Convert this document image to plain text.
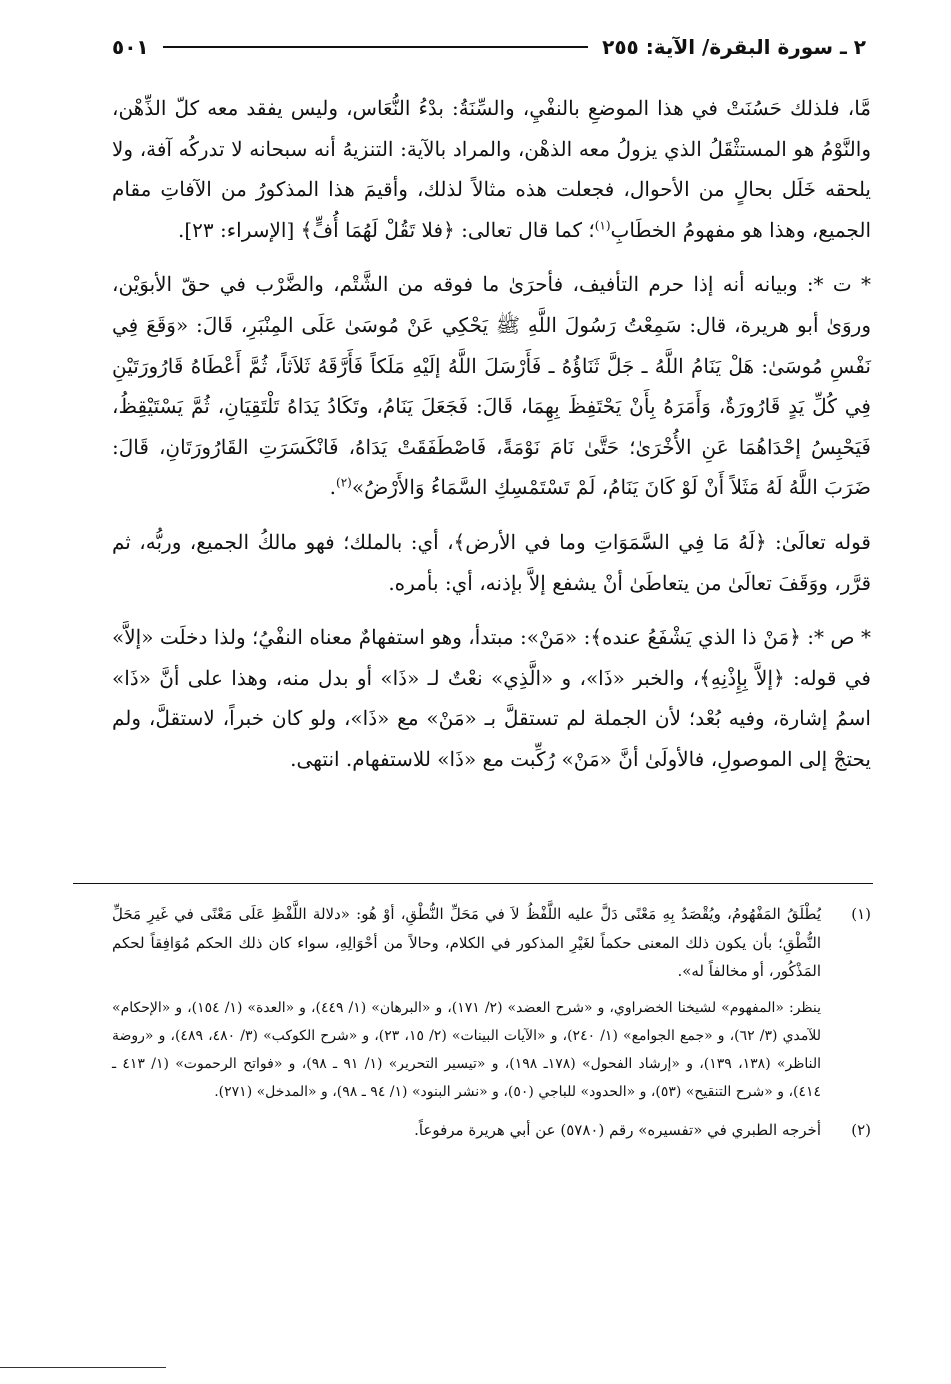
٢ ـ سورة البقرة/ الآية: ٢٥٥
٥٠١

مَّا، فلذلك حَسُنَتْ في هذا الموضعِ بالنفْيِ، والسِّنَةُ: بدْءُ النُّعَاس، وليس يفقد معه كلّ الذِّهْن، والنَّوْمُ هو المستثْقَلُ الذي يزولُ معه الذهْن، والمراد بالآية: التنزيهُ أنه سبحانه لا تدركُه آفة، ولا يلحقه خَلَل بحالٍ من الأحوال، فجعلت هذه مثالاً لذلك، وأقيمَ هذا المذكورُ من الآفاتِ مقام الجميع، وهذا هو مفهومُ الخطَابِ$^{(١)}$؛ كما قال تعالى: ﴿فلا تَقُلْ لَهُمَا أُفٍّ﴾ [الإسراء: ٢٣].

* ت *: وبيانه أنه إذا حرم التأفيف، فأحرَىٰ ما فوقه من الشَّتْم، والضَّرْب في حقّ الأبوَيْن، وروَىٰ أبو هريرة، قال: سَمِعْتُ رَسُولَ اللَّهِ ﷺ يَحْكِي عَنْ مُوسَىٰ عَلَى المِنْبَرِ، قَالَ: «وَقَعَ فِي نَفْسِ مُوسَىٰ: هَلْ يَنَامُ اللَّهُ ـ جَلَّ ثَنَاؤُهُ ـ فَأَرْسَلَ اللَّهُ إلَيْهِ مَلَكاً فَأَرَّقَهُ ثَلاَثاً، ثُمَّ أَعْطَاهُ قَارُورَتَيْنِ فِي كُلِّ يَدٍ قَارُورَةٌ، وَأَمَرَهُ بِأَنْ يَحْتَفِظَ بِهِمَا، قَالَ: فَجَعَلَ يَنَامُ، وتَكَادُ يَدَاهُ تَلْتَقِيَانِ، ثُمَّ يَسْتَيْقِظُ، فَيَحْبِسُ إحْدَاهُمَا عَنِ الأُخْرَىٰ؛ حَتَّىٰ نَامَ نَوْمَةً، فَاصْطَفَقَتْ يَدَاهُ، فَانْكَسَرَتِ القَارُورَتَانِ، قَالَ: ضَرَبَ اللَّهُ لَهُ مَثَلاً أَنْ لَوْ كَانَ يَنَامُ، لَمْ تَسْتَمْسِكِ السَّمَاءُ وَالأَرْضُ»$^{(٢)}$.

قوله تعالَىٰ: ﴿لَهُ مَا فِي السَّمَوَاتِ وما في الأرض﴾، أي: بالملك؛ فهو مالكُ الجميع، وربُّه، ثم قرَّر، ووَقَفَ تعالَىٰ من يتعاطَىٰ أنْ يشفع إلاَّ بإذنه، أي: بأمره.

* ص *: ﴿مَنْ ذا الذي يَشْفَعُ عنده﴾: «مَنْ»: مبتدأ، وهو استفهامٌ معناه النفْيُ؛ ولذا دخلَت «إلاَّ» في قوله: ﴿إلاَّ بِإِذْنِهِ﴾، والخبر «ذَا»، و «الَّذِي» نعْتٌ لـ «ذَا» أو بدل منه، وهذا على أنَّ «ذَا» اسمُ إشارة، وفيه بُعْد؛ لأن الجملة لم تستقلَّ بـ «مَنْ» مع «ذَا»، ولو كان خبراً، لاستقلَّ، ولم يحتجْ إلى الموصولِ، فالأولَىٰ أنَّ «مَنْ» رُكِّبت مع «ذَا» للاستفهام. انتهى.

(١)
يُطْلَقُ المَفْهُومُ، ويُقْصَدُ بِهِ مَعْنًى دَلَّ عليه اللَّفْظُ لاَ في مَحَلِّ النُّطْقِ، أوْ هُو: «دلالة اللَّفْظِ عَلَى مَعْنًى في غَيرِ مَحَلِّ النُّطْقِ؛ بأن يكون ذلك المعنى حكماً لغَيْرِ المذكور في الكلام، وحالاً من أحْوَالِهِ، سواء كان ذلك الحكم مُوَافِقاً لحكم المَذْكُور، أو مخالفاً له».

ينظر: «المفهوم» لشيخنا الخضراوي، و «شرح العضد» (٢/ ١٧١)، و «البرهان» (١/ ٤٤٩)، و «العدة» (١/ ١٥٤)، و «الإحكام» للآمدي (٣/ ٦٢)، و «جمع الجوامع» (١/ ٢٤٠)، و «الآيات البينات» (٢/ ١٥، ٢٣)، و «شرح الكوكب» (٣/ ٤٨٠، ٤٨٩)، و «روضة الناظر» (١٣٨، ١٣٩)، و «إرشاد الفحول» (١٧٨ـ ١٩٨)، و «تيسير التحرير» (١/ ٩١ ـ ٩٨)، و «فواتح الرحموت» (١/ ٤١٣ ـ ٤١٤)، و «شرح التنقيح» (٥٣)، و «الحدود» للباجي (٥٠)، و «نشر البنود» (١/ ٩٤ ـ ٩٨)، و «المدخل» (٢٧١).

(٢)
أخرجه الطبري في «تفسيره» رقم (٥٧٨٠) عن أبي هريرة مرفوعاً.
